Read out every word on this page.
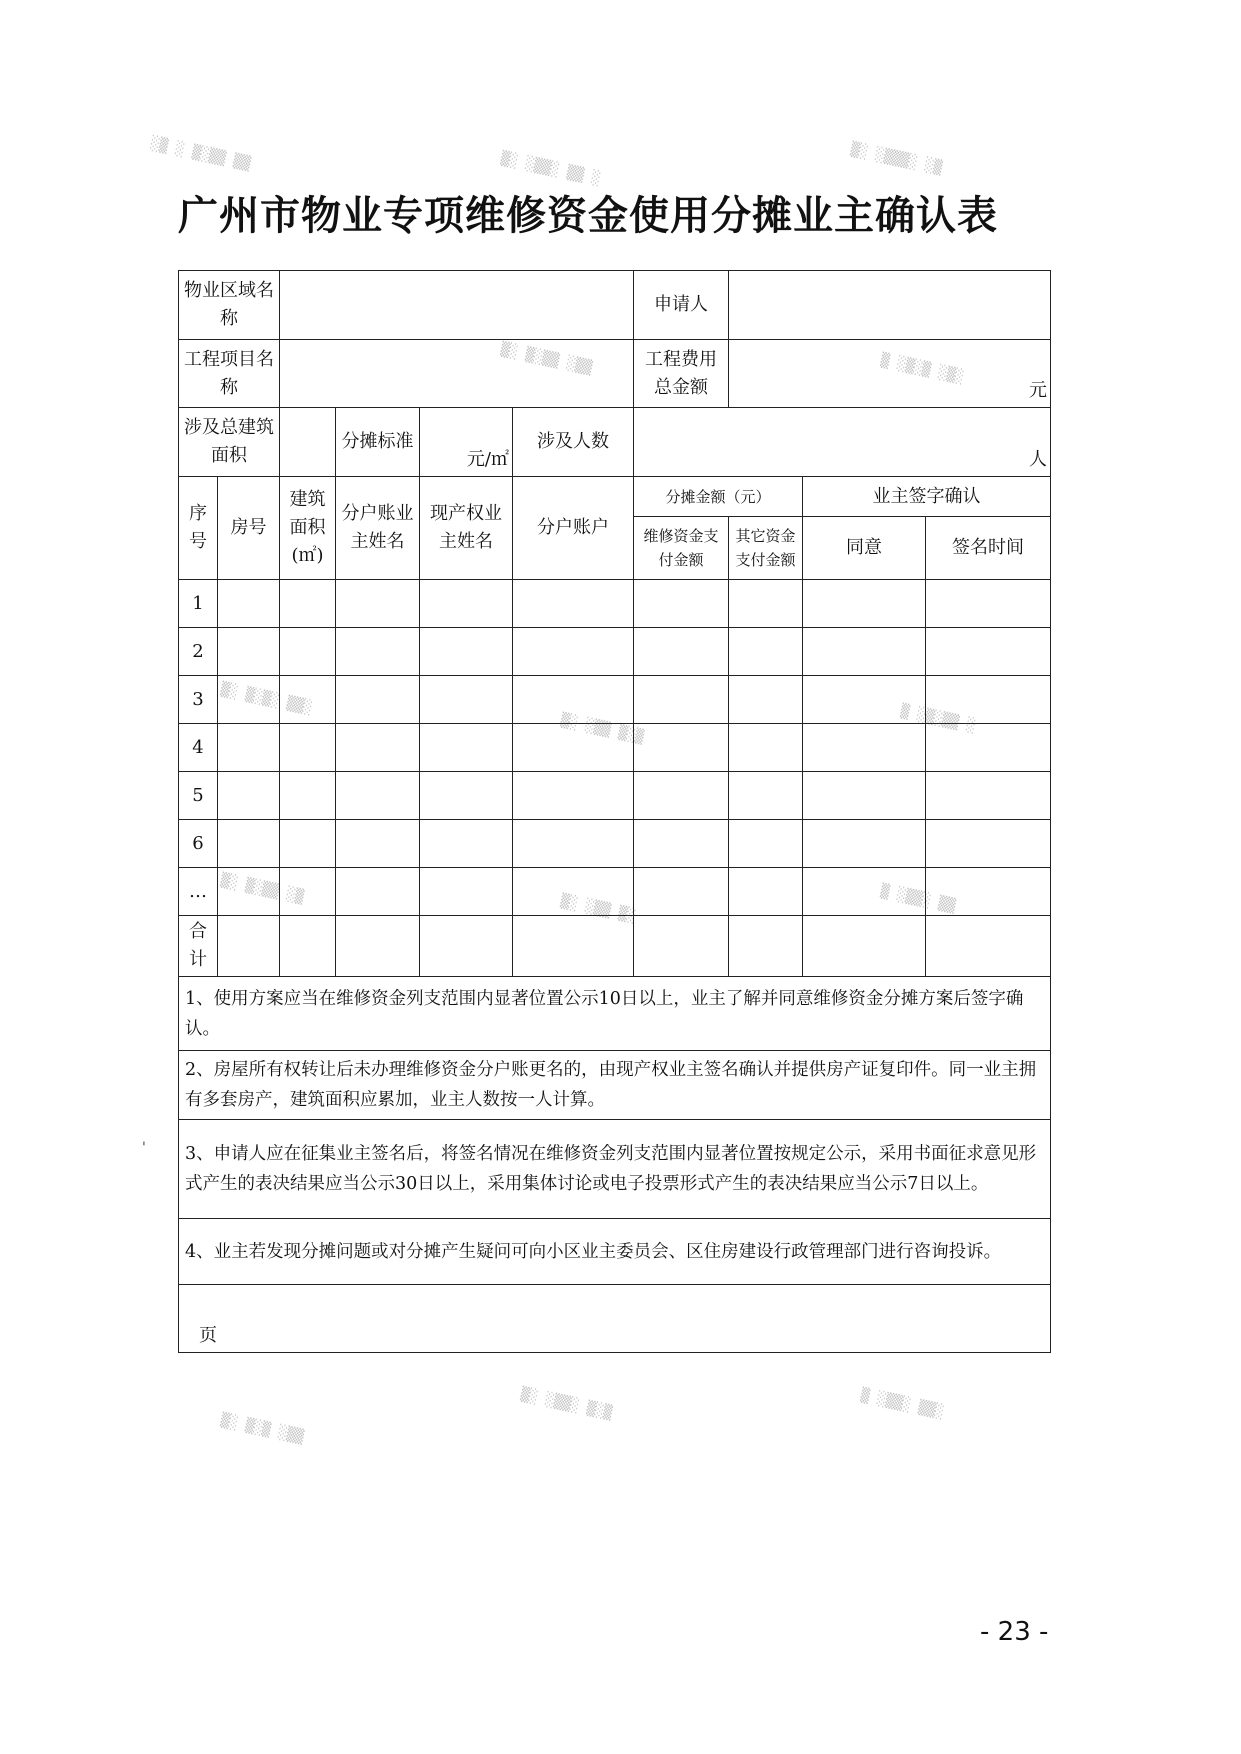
░▒ ░ ▒░▒▒ ▒▒	▒░ ░▒▒░ ▒▒ ░	▒░ ░▒▒▒░ ░▒
▒░ ▒░▒▒ ░▒▒	▒ ░▒░▒ ░▒░
▒░ ▒░▒░ ▒▒░
▒░ ░▒▒ ▒░▒	▒ ░▒░▒▒ ░
▒░ ▒░▒▒ ░▒
▒░ ░▒▒ ▒░	▒ ░▒▒░ ▒▒
▒░ ░▒▒░ ▒░▒	▒ ░▒▒░ ▒▒░
▒░ ▒░▒ ░▒▒
'
广州市物业专项维修资金使用分摊业主确认表
物业区域名称						申请人			
工程项目名称						工程费用总金额	元		
涉及总建筑面积			分摊标准	元/㎡	涉及人数	人			
序号	房号	建筑面积(㎡)	分户账业主姓名	现产权业主姓名	分户账户	分摊金额（元）		业主签字确认	
						维修资金支付金额	其它资金支付金额	同意	签名时间
1									
2									
3									
4									
5									
6									
…									
合计									
1、使用方案应当在维修资金列支范围内显著位置公示10日以上，业主了解并同意维修资金分摊方案后签字确认。									
2、房屋所有权转让后未办理维修资金分户账更名的，由现产权业主签名确认并提供房产证复印件。同一业主拥有多套房产，建筑面积应累加，业主人数按一人计算。									
3、申请人应在征集业主签名后，将签名情况在维修资金列支范围内显著位置按规定公示，采用书面征求意见形式产生的表决结果应当公示30日以上，采用集体讨论或电子投票形式产生的表决结果应当公示7日以上。									
4、业主若发现分摊问题或对分摊产生疑问可向小区业主委员会、区住房建设行政管理部门进行咨询投诉。									
页									
- 23 -
